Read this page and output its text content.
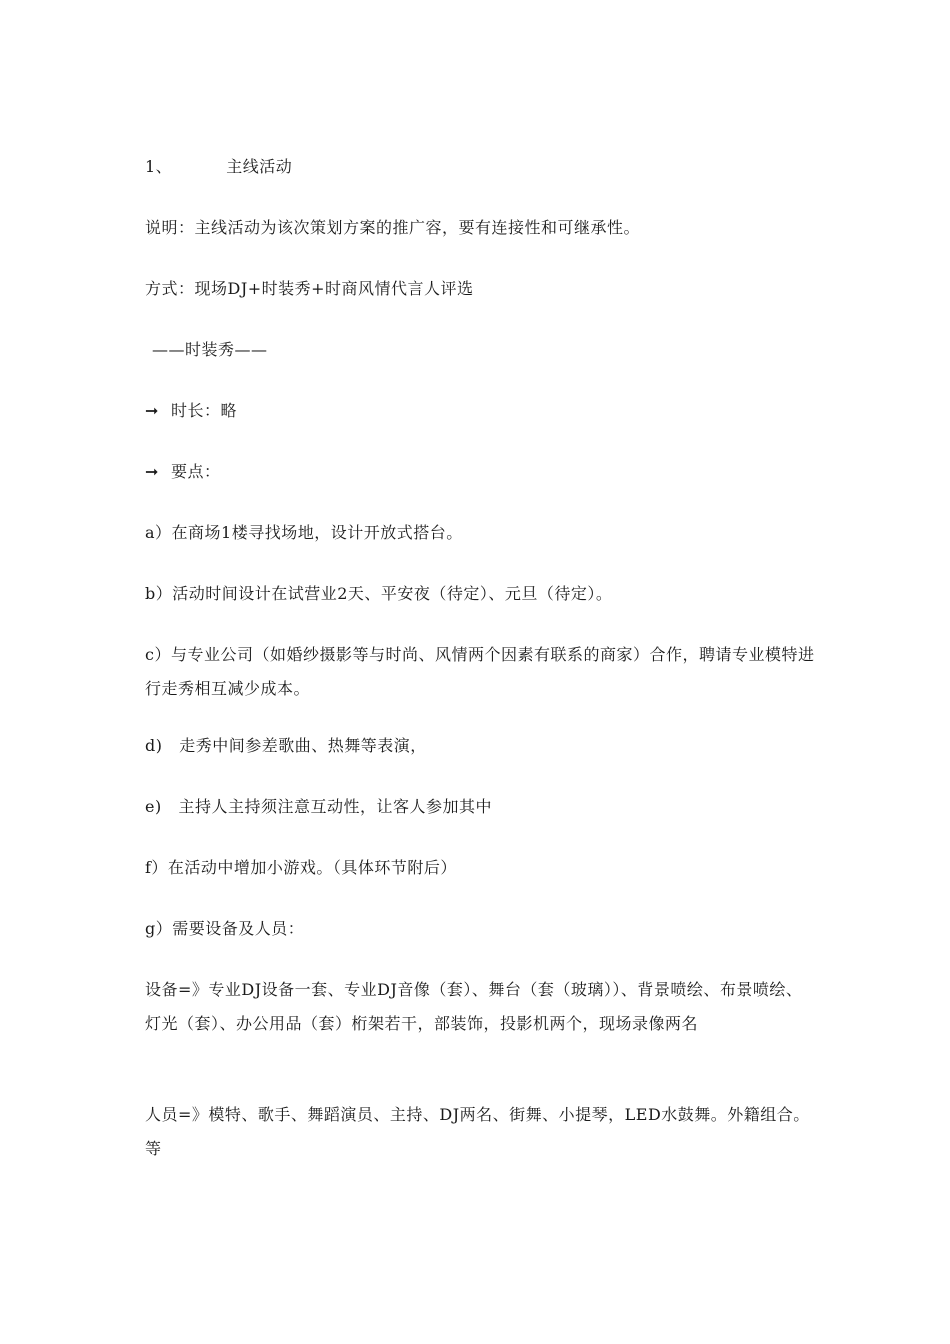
1、	主线活动
说明：主线活动为该次策划方案的推广容，要有连接性和可继承性。
方式：现场DJ+时装秀+时商风情代言人评选
——时装秀——
➞ 时长：略
➞ 要点：
a）在商场1楼寻找场地，设计开放式搭台。
b）活动时间设计在试营业2天、平安夜（待定）、元旦（待定）。
c）与专业公司（如婚纱摄影等与时尚、风情两个因素有联系的商家）合作，聘请专业模特进行走秀相互减少成本。
d)   走秀中间参差歌曲、热舞等表演，
e)   主持人主持须注意互动性，让客人参加其中
f）在活动中增加小游戏。（具体环节附后）
g）需要设备及人员：
设备=》专业DJ设备一套、专业DJ音像（套）、舞台（套（玻璃））、背景喷绘、布景喷绘、灯光（套）、办公用品（套）桁架若干，部装饰，投影机两个，现场录像两名
人员=》模特、歌手、舞蹈演员、主持、DJ两名、街舞、小提琴，LED水鼓舞。外籍组合。等
